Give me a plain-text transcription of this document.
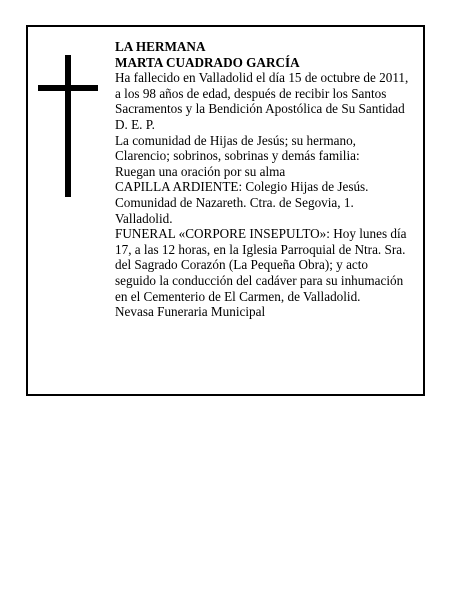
LA HERMANA
MARTA CUADRADO GARCÍA
Ha fallecido en Valladolid el día 15 de octubre de 2011,
a los 98 años de edad, después de recibir los Santos
Sacramentos y la Bendición Apostólica de Su Santidad
D. E. P.
La comunidad de Hijas de Jesús; su hermano,
Clarencio; sobrinos, sobrinas y demás familia:
Ruegan una oración por su alma
CAPILLA ARDIENTE: Colegio Hijas de Jesús.
Comunidad de Nazareth. Ctra. de Segovia, 1.
Valladolid.
FUNERAL «CORPORE INSEPULTO»: Hoy lunes día
17, a las 12 horas, en la Iglesia Parroquial de Ntra. Sra.
del Sagrado Corazón (La Pequeña Obra); y acto
seguido la conducción del cadáver para su inhumación
en el Cementerio de El Carmen, de Valladolid.
Nevasa Funeraria Municipal
